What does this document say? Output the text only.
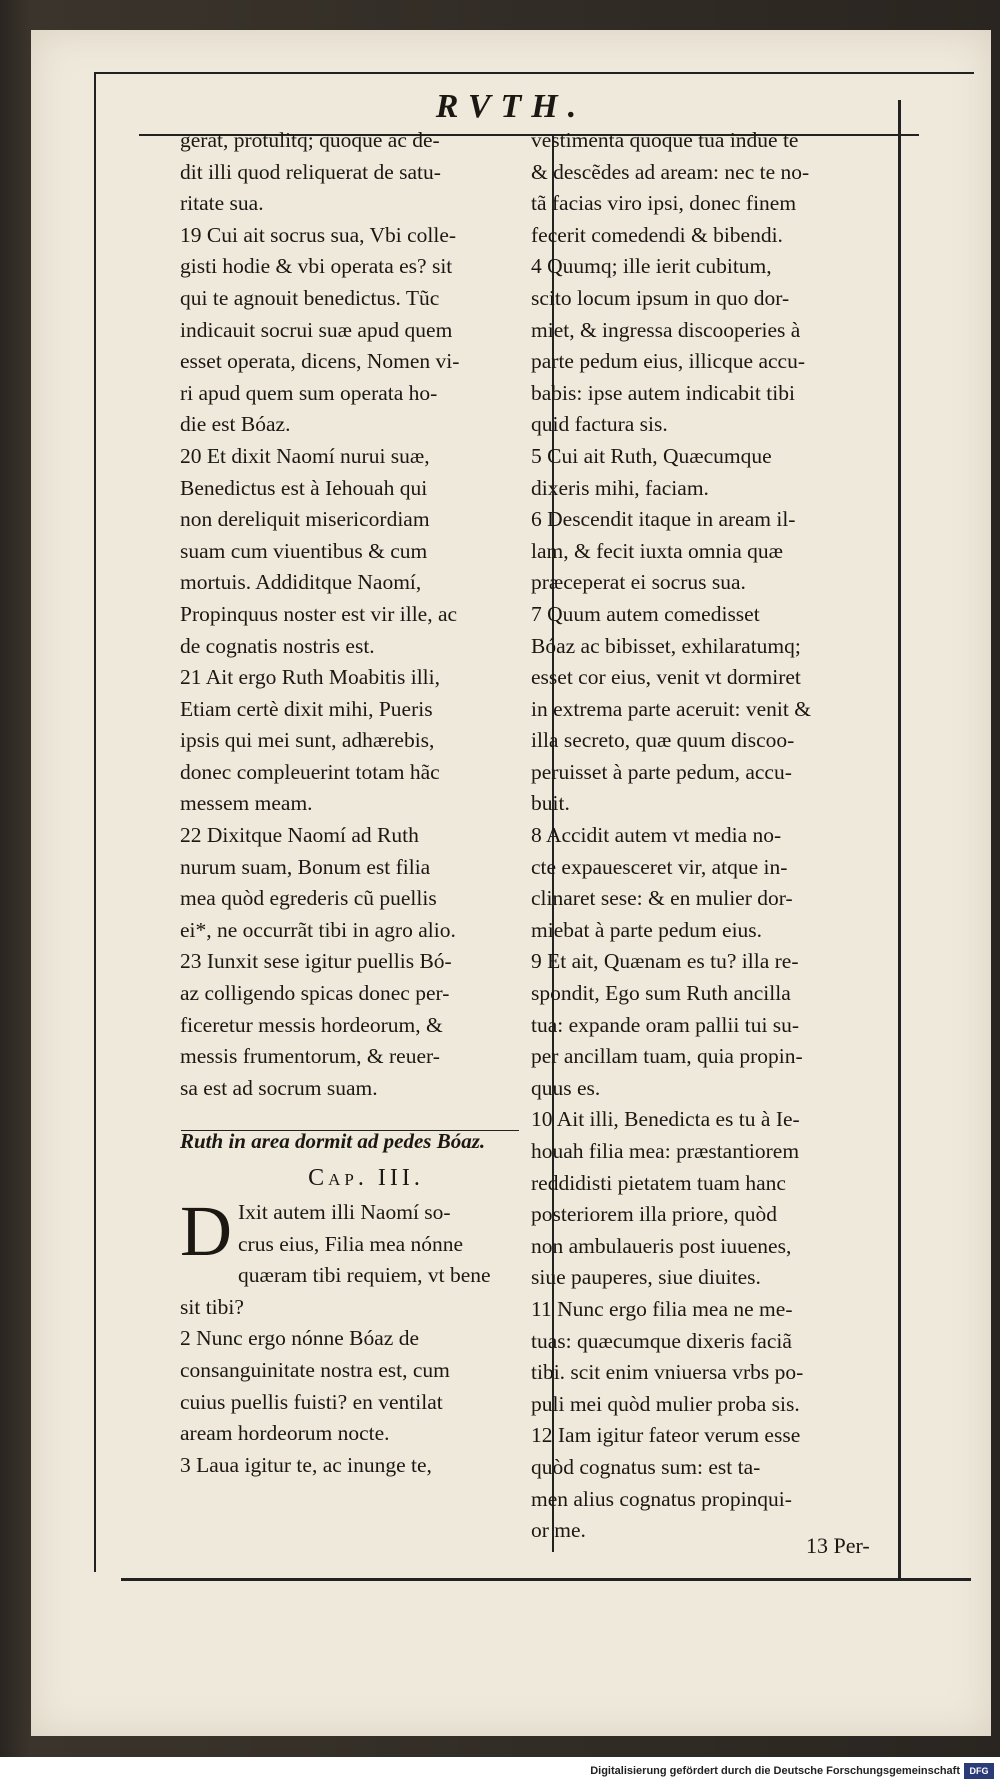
RVTH.

gerat, protulitq; quoque ac de-

dit illi quod reliquerat de satu-

ritate sua.

19 Cui ait socrus sua, Vbi colle-

gisti hodie & vbi operata es? sit

qui te agnouit benedictus. Tũc

indicauit socrui suæ apud quem

esset operata, dicens, Nomen vi-

ri apud quem sum operata ho-

die est Bóaz.

20 Et dixit Naomí nurui suæ,

Benedictus est à Iehouah qui

non dereliquit misericordiam

suam cum viuentibus & cum

mortuis. Addiditque Naomí,

Propinquus noster est vir ille, ac

de cognatis nostris est.

21 Ait ergo Ruth Moabitis illi,

Etiam certè dixit mihi, Pueris

ipsis qui mei sunt, adhærebis,

donec compleuerint totam hãc

messem meam.

22 Dixitque Naomí ad Ruth

nurum suam, Bonum est filia

mea quòd egrederis cũ puellis

ei*, ne occurrãt tibi in agro alio.

23 Iunxit sese igitur puellis Bó-

az colligendo spicas donec per-

ficeretur messis hordeorum, &

messis frumentorum, & reuer-

sa est ad socrum suam.

Ruth in area dormit ad pedes Bóaz.

Cap. III.
D Ixit autem illi Naomí so-

crus eius, Filia mea nónne

quæram tibi requiem, vt bene

sit tibi?

2 Nunc ergo nónne Bóaz de

consanguinitate nostra est, cum

cuius puellis fuisti? en ventilat

aream hordeorum nocte.

3 Laua igitur te, ac inunge te,

vestimenta quoque tua indue te

& descẽdes ad aream: nec te no-

tã facias viro ipsi, donec finem

fecerit comedendi & bibendi.

4 Quumq; ille ierit cubitum,

scito locum ipsum in quo dor-

miet, & ingressa discooperies à

parte pedum eius, illicque accu-

babis: ipse autem indicabit tibi

quid factura sis.

5 Cui ait Ruth, Quæcumque

dixeris mihi, faciam.

6 Descendit itaque in aream il-

lam, & fecit iuxta omnia quæ

præceperat ei socrus sua.

7 Quum autem comedisset

Bóaz ac bibisset, exhilaratumq;

esset cor eius, venit vt dormiret

in extrema parte aceruit: venit &

illa secreto, quæ quum discoo-

peruisset à parte pedum, accu-

buit.

8 Accidit autem vt media no-

cte expauesceret vir, atque in-

clinaret sese: & en mulier dor-

miebat à parte pedum eius.

9 Et ait, Quænam es tu? illa re-

spondit, Ego sum Ruth ancilla

tua: expande oram pallii tui su-

per ancillam tuam, quia propin-

quus es.

10 Ait illi, Benedicta es tu à Ie-

houah filia mea: præstantiorem

reddidisti pietatem tuam hanc

posteriorem illa priore, quòd

non ambulaueris post iuuenes,

siue pauperes, siue diuites.

11 Nunc ergo filia mea ne me-

tuas: quæcumque dixeris faciã

tibi. scit enim vniuersa vrbs po-

puli mei quòd mulier proba sis.

12 Iam igitur fateor verum esse

quòd cognatus sum: est ta-

men alius cognatus propinqui-

or me.

13 Per-
Digitalisierung gefördert durch die Deutsche Forschungsgemeinschaft	DFG
